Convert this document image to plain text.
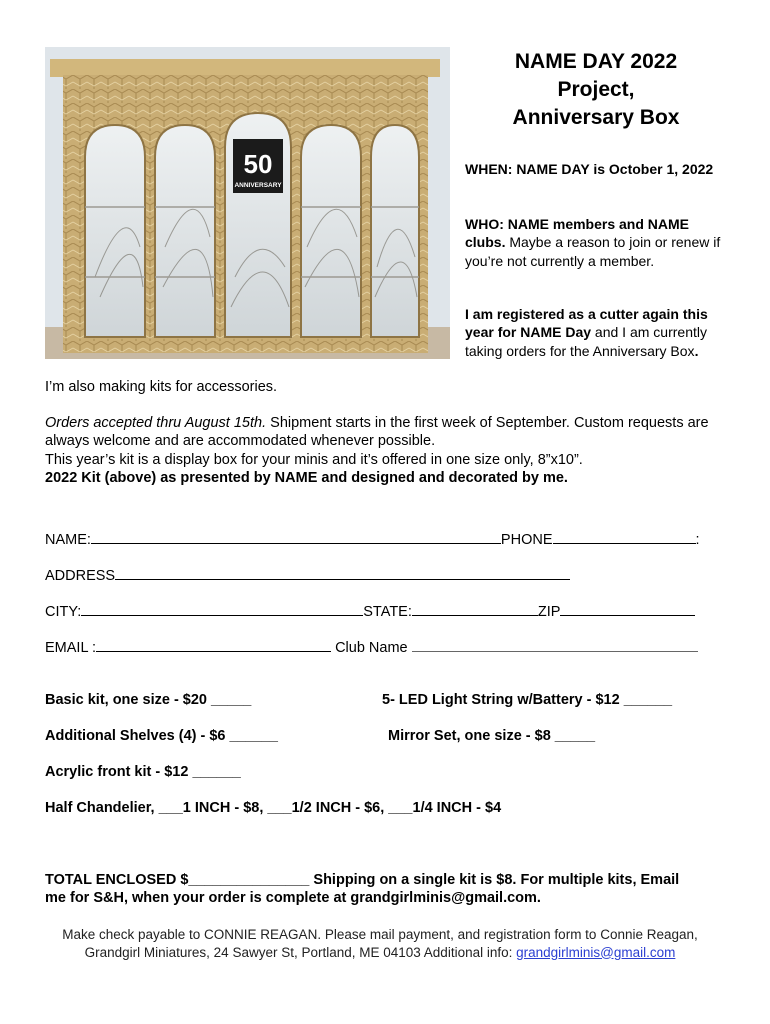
50
ANNIVERSARY
NAME DAY 2022
Project,
Anniversary Box
WHEN: NAME DAY is October 1, 2022
WHO: NAME members and NAME clubs. Maybe a reason to join or renew if you’re not currently a member.
I am registered as a cutter again this year for NAME Day and I am currently taking orders for the Anniversary Box.
I’m also making kits for accessories.
Orders accepted thru August 15th. Shipment starts in the first week of September. Custom requests are always welcome and are accommodated whenever possible.
This year’s kit is a display box for your minis and it’s offered in one size only, 8”x10”.
2022 Kit (above) as presented by NAME and designed and decorated by me.
NAME:	PHONE	:
ADDRESS
CITY:	STATE:	ZIP
EMAIL :	Club Name
Basic kit, one size - $20 _____	5- LED Light String w/Battery - $12 ______
Additional Shelves (4) - $6 ______	Mirror Set, one size - $8 _____
Acrylic front kit - $12 ______
Half Chandelier, ___1 INCH - $8, ___1/2 INCH - $6, ___1/4 INCH - $4
TOTAL ENCLOSED $_______________ Shipping on a single kit is $8. For multiple kits, Email
me for S&H, when your order is complete at grandgirlminis@gmail.com.
Make check payable to CONNIE REAGAN. Please mail payment, and registration form to Connie Reagan,
Grandgirl Miniatures, 24 Sawyer St, Portland, ME 04103 Additional info: grandgirlminis@gmail.com
